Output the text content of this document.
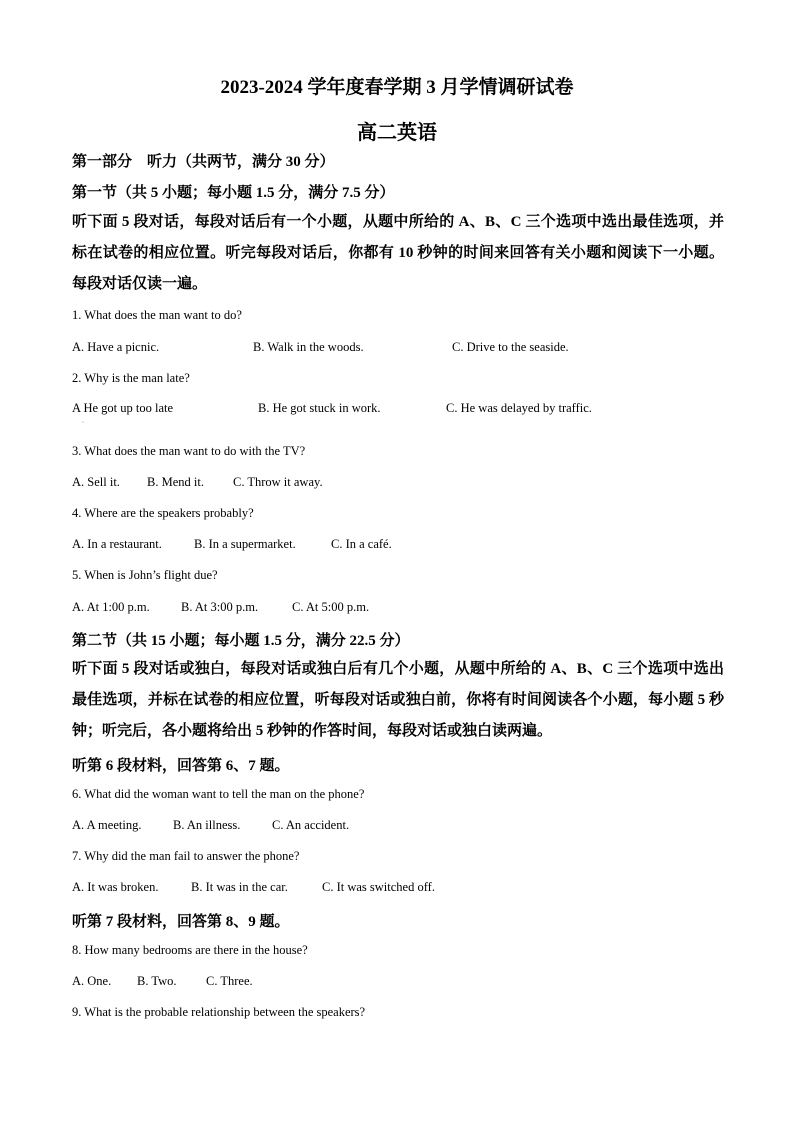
2023-2024 学年度春学期 3 月学情调研试卷
高二英语
第一部分　听力（共两节，满分 30 分）
第一节（共 5 小题；每小题 1.5 分，满分 7.5 分）
听下面 5 段对话，每段对话后有一个小题，从题中所给的 A、B、C 三个选项中选出最佳选项，并标在试卷的相应位置。听完每段对话后，你都有 10 秒钟的时间来回答有关小题和阅读下一小题。每段对话仅读一遍。
1. What does the man want to do?
A. Have a picnic.	B. Walk in the woods.	C. Drive to the seaside.
2. Why is the man late?
A He got up too late	B. He got stuck in work.	C. He was delayed by traffic.
·
3. What does the man want to do with the TV?
A. Sell it. B. Mend it. C. Throw it away.
4. Where are the speakers probably?
A. In a restaurant.	B. In a supermarket.	C. In a café.
5. When is John’s flight due?
A. At 1:00 p.m. B. At 3:00 p.m.	C. At 5:00 p.m.
第二节（共 15 小题；每小题 1.5 分，满分 22.5 分）
听下面 5 段对话或独白，每段对话或独白后有几个小题，从题中所给的 A、B、C 三个选项中选出最佳选项，并标在试卷的相应位置，听每段对话或独白前，你将有时间阅读各个小题，每小题 5 秒钟；听完后，各小题将给出 5 秒钟的作答时间，每段对话或独白读两遍。
听第 6 段材料，回答第 6、7 题。
6. What did the woman want to tell the man on the phone?
A. A meeting.	B. An illness.	C. An accident.
7. Why did the man fail to answer the phone?
A. It was broken.	B. It was in the car.	C. It was switched off.
听第 7 段材料，回答第 8、9 题。
8. How many bedrooms are there in the house?
A. One. B. Two. C. Three.
9. What is the probable relationship between the speakers?
